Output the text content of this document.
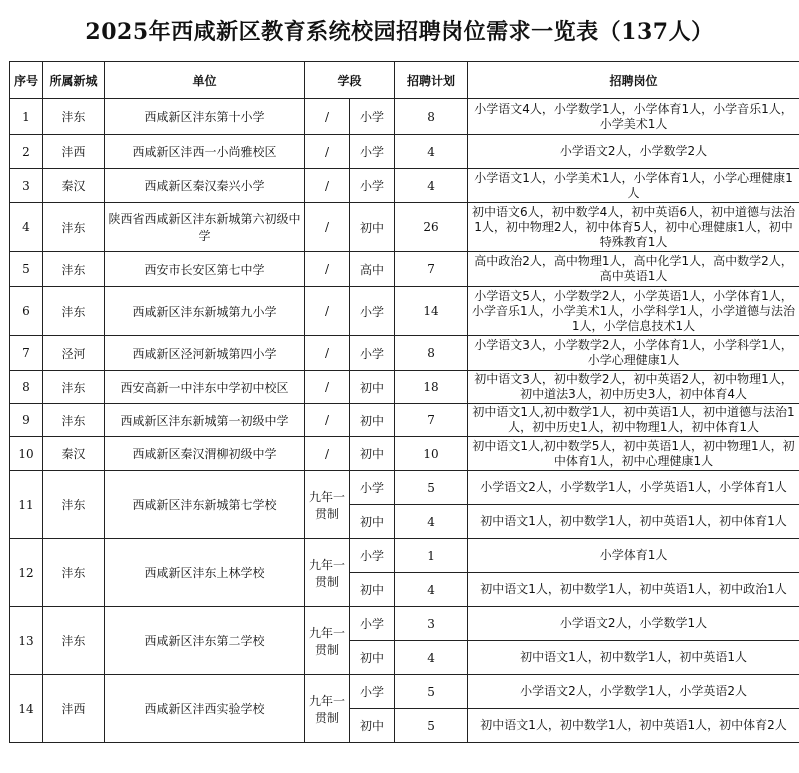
2025年西咸新区教育系统校园招聘岗位需求一览表（137人）
序号	所属新城	单位	学段		招聘计划	招聘岗位
1	沣东	西咸新区沣东第十小学	/	小学	8	小学语文4人，小学数学1人，小学体育1人，小学音乐1人，小学美术1人
2	沣西	西咸新区沣西一小尚雅校区	/	小学	4	小学语文2人，小学数学2人
3	秦汉	西咸新区秦汉秦兴小学	/	小学	4	小学语文1人，小学美术1人，小学体育1人，小学心理健康1人
4	沣东	陕西省西咸新区沣东新城第六初级中学	/	初中	26	初中语文6人，初中数学4人，初中英语6人，初中道德与法治1人，初中物理2人，初中体育5人，初中心理健康1人，初中特殊教育1人
5	沣东	西安市长安区第七中学	/	高中	7	高中政治2人，高中物理1人，高中化学1人，高中数学2人，高中英语1人
6	沣东	西咸新区沣东新城第九小学	/	小学	14	小学语文5人，小学数学2人，小学英语1人，小学体育1人，小学音乐1人，小学美术1人，小学科学1人，小学道德与法治1人，小学信息技术1人
7	泾河	西咸新区泾河新城第四小学	/	小学	8	小学语文3人，小学数学2人，小学体育1人，小学科学1人，小学心理健康1人
8	沣东	西安高新一中沣东中学初中校区	/	初中	18	初中语文3人，初中数学2人，初中英语2人，初中物理1人，初中道法3人，初中历史3人，初中体育4人
9	沣东	西咸新区沣东新城第一初级中学	/	初中	7	初中语文1人,初中数学1人，初中英语1人，初中道德与法治1人，初中历史1人，初中物理1人，初中体育1人
10	秦汉	西咸新区秦汉渭柳初级中学	/	初中	10	初中语文1人,初中数学5人，初中英语1人，初中物理1人，初中体育1人，初中心理健康1人
11	沣东	西咸新区沣东新城第七学校	九年一贯制	小学	5	小学语文2人，小学数学1人，小学英语1人，小学体育1人
				初中	4	初中语文1人，初中数学1人，初中英语1人，初中体育1人
12	沣东	西咸新区沣东上林学校	九年一贯制	小学	1	小学体育1人
				初中	4	初中语文1人，初中数学1人，初中英语1人，初中政治1人
13	沣东	西咸新区沣东第二学校	九年一贯制	小学	3	小学语文2人，小学数学1人
				初中	4	初中语文1人，初中数学1人，初中英语1人
14	沣西	西咸新区沣西实验学校	九年一贯制	小学	5	小学语文2人，小学数学1人，小学英语2人
				初中	5	初中语文1人，初中数学1人，初中英语1人，初中体育2人
